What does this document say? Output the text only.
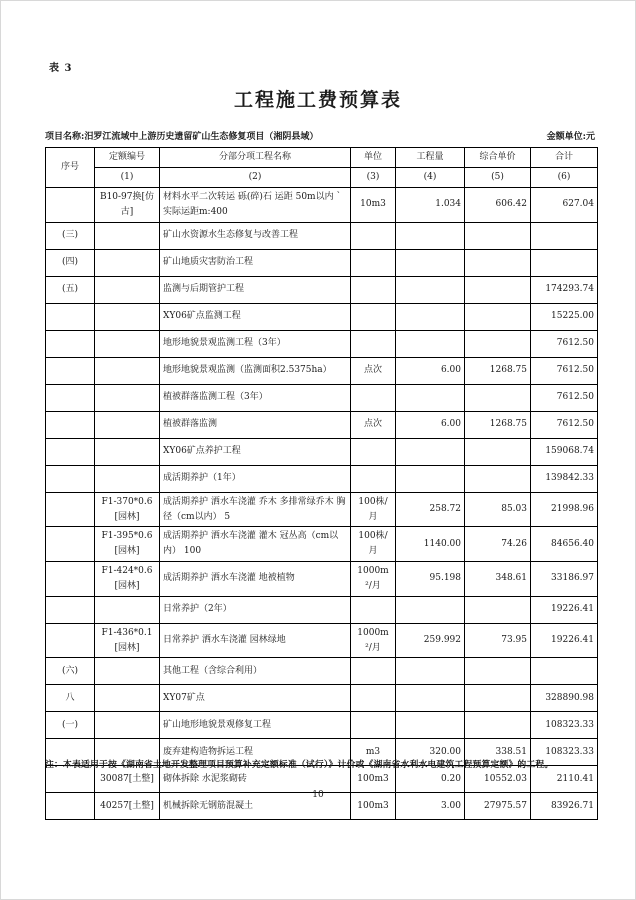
表 3
工程施工费预算表
项目名称:汨罗江流域中上游历史遗留矿山生态修复项目（湘阴县域）	金额单位:元
序号	定额编号	分部分项工程名称	单位	工程量	综合单价	合计
	(1)	(2)	(3)	(4)	(5)	(6)
	B10-97换[仿古]	材料水平二次转运 砾(碎)石 运距 50m以内 `实际运距m:400	10m3	1.034	606.42	627.04
(三)		矿山水资源水生态修复与改善工程				
(四)		矿山地质灾害防治工程				
(五)		监测与后期管护工程				174293.74
		XY06矿点监测工程				15225.00
		地形地貌景观监测工程（3年）				7612.50
		地形地貌景观监测（监测面积2.5375ha）	点次	6.00	1268.75	7612.50
		植被群落监测工程（3年）				7612.50
		植被群落监测	点次	6.00	1268.75	7612.50
		XY06矿点养护工程				159068.74
		成活期养护（1年）				139842.33
	F1-370*0.6[园林]	成活期养护 洒水车浇灌 乔木 多排常绿乔木 胸径（cm以内） 5	100株/月	258.72	85.03	21998.96
	F1-395*0.6[园林]	成活期养护 洒水车浇灌 灌木 冠丛高（cm以内） 100	100株/月	1140.00	74.26	84656.40
	F1-424*0.6[园林]	成活期养护 洒水车浇灌 地被植物	1000m²/月	95.198	348.61	33186.97
		日常养护（2年）				19226.41
	F1-436*0.1[园林]	日常养护 洒水车浇灌 园林绿地	1000m²/月	259.992	73.95	19226.41
(六)		其他工程（含综合利用）				
八		XY07矿点				328890.98
(一)		矿山地形地貌景观修复工程				108323.33
		废弃建构造物拆运工程	m3	320.00	338.51	108323.33
	30087[土整]	砌体拆除 水泥浆砌砖	100m3	0.20	10552.03	2110.41
	40257[土整]	机械拆除无钢筋混凝土	100m3	3.00	27975.57	83926.71
注：本表适用于按《湖南省土地开发整理项目预算补充定额标准（试行）》计价或《湖南省水利水电建筑工程预算定额》的工程。
10
